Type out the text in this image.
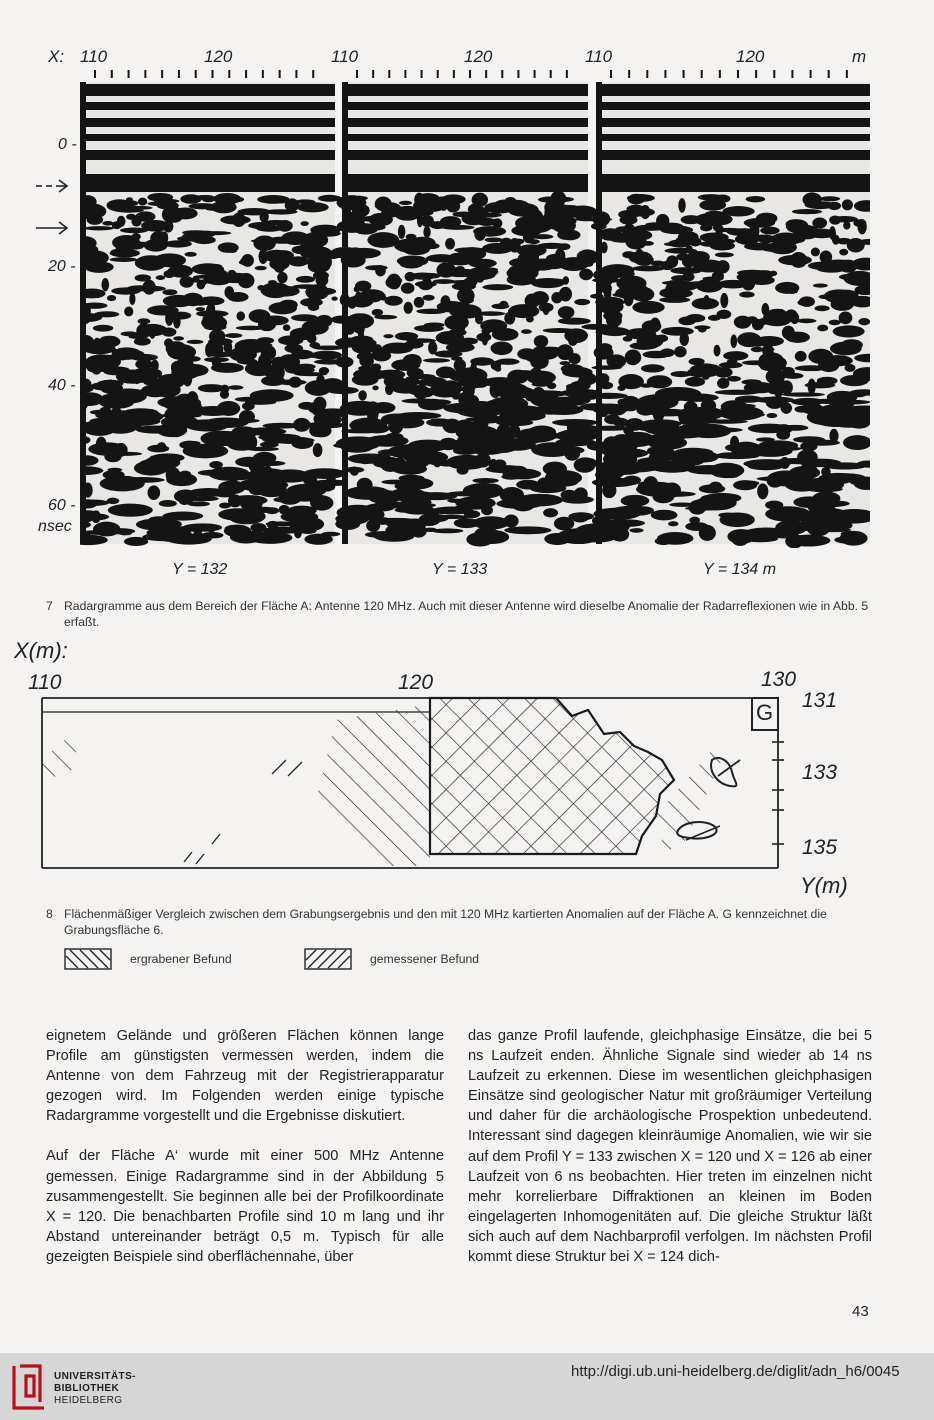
X: 110	120	110	120	110	120	m
0 -
20 -
40 -
60 -
nsec
Y = 132	Y = 133	Y = 134 m
7 Radargramme aus dem Bereich der Fläche A: Antenne 120 MHz. Auch mit dieser Antenne wird dieselbe Anomalie der Radarreflexionen wie in Abb. 5 erfaßt.
X(m):
110	120	130
G 131
133
135
Y(m)
8 Flächenmäßiger Vergleich zwischen dem Grabungsergebnis und den mit 120 MHz kartierten Anomalien auf der Fläche A. G kennzeichnet die Grabungsfläche 6.
ergrabener Befund	gemessener Befund

eignetem Gelände und größeren Flächen können lange Profile am günstigsten vermessen werden, indem die Antenne von dem Fahrzeug mit der Registrierapparatur gezogen wird. Im Folgenden werden einige typische Radargramme vorgestellt und die Ergebnisse diskutiert.

Auf der Fläche A‘ wurde mit einer 500 MHz Antenne gemessen. Einige Radargramme sind in der Abbildung 5 zusammengestellt. Sie beginnen alle bei der Profilkoordinate X = 120. Die benachbarten Profile sind 10 m lang und ihr Abstand untereinander beträgt 0,5 m. Typisch für alle gezeigten Beispiele sind oberflächennahe, über

das ganze Profil laufende, gleichphasige Einsätze, die bei 5 ns Laufzeit enden. Ähnliche Signale sind wieder ab 14 ns Laufzeit zu erkennen. Diese im wesentlichen gleichphasigen Einsätze sind geologischer Natur mit großräumiger Verteilung und daher für die archäologische Prospektion unbedeutend. Interessant sind dagegen kleinräumige Anomalien, wie wir sie auf dem Profil Y = 133 zwischen X = 120 und X = 126 ab einer Laufzeit von 6 ns beobachten. Hier treten im einzelnen nicht mehr korrelierbare Diffraktionen an kleinen im Boden eingelagerten Inhomogenitäten auf. Die gleiche Struktur läßt sich auch auf dem Nachbarprofil verfolgen. Im nächsten Profil kommt diese Struktur bei X = 124 dich-

43
UNIVERSITÄTS-
BIBLIOTHEK
HEIDELBERG
http://digi.ub.uni-heidelberg.de/diglit/adn_h6/0045
